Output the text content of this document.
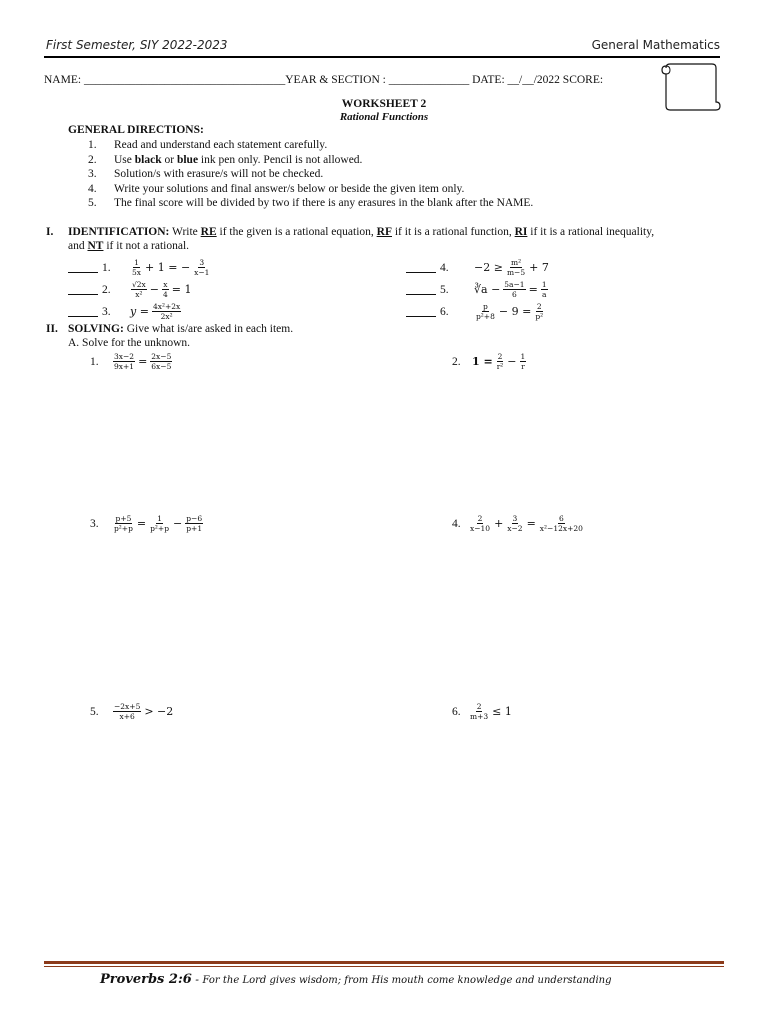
First Semester, SIY 2022-2023	General Mathematics
NAME: ___________________________________YEAR & SECTION : ______________ DATE: __/__/2022 SCORE:
WORKSHEET 2
Rational Functions
GENERAL DIRECTIONS:
1. Read and understand each statement carefully.
2. Use black or blue ink pen only. Pencil is not allowed.
3. Solution/s with erasure/s will not be checked.
4. Write your solutions and final answer/s below or beside the given item only.
5. The final score will be divided by two if there is any erasures in the blank after the NAME.
I. IDENTIFICATION: Write RE if the given is a rational equation, RF if it is a rational function, RI if it is a rational inequality,
and NT if it not a rational.
1.	$\frac{1}{5x} + 1$ = − $\frac{3}{x-1}$
2.	$\frac{√2x}{\text{x²}} - \frac{x}{4} = 1$
3.	$y = \frac{\text{4x²+2x}}{\text{2x²}}$
4.	$-2 \ge \frac{\text{m²}}{m-5} + 7$
5.	∛a − $\frac{5a-1}{6} = \frac{1}{a}$
6.	$\frac{p}{\text{p²+8}} - 9 = \frac{2}{\text{p²}}$
II. SOLVING: Give what is/are asked in each item.
A. Solve for the unknown.
1.	$\frac{3x-2}{9x+1} = \frac{2x-5}{6x-5}$	2.	$1 = \frac{2}{\text{r²}} - \frac{1}{r}$
3.	$\frac{p+5}{\text{p²+p}} = \frac{1}{\text{p²+p}} - \frac{p-6}{p+1}$	4.	$\frac{2}{x-10} + \frac{3}{x-2} = \frac{6}{\text{x²−12x+20}}$
5.	$\frac{-2x+5}{x+6} > -2$	6.	$\frac{2}{m+3} \le 1$
Proverbs 2:6 - For the Lord gives wisdom; from His mouth come knowledge and understanding
